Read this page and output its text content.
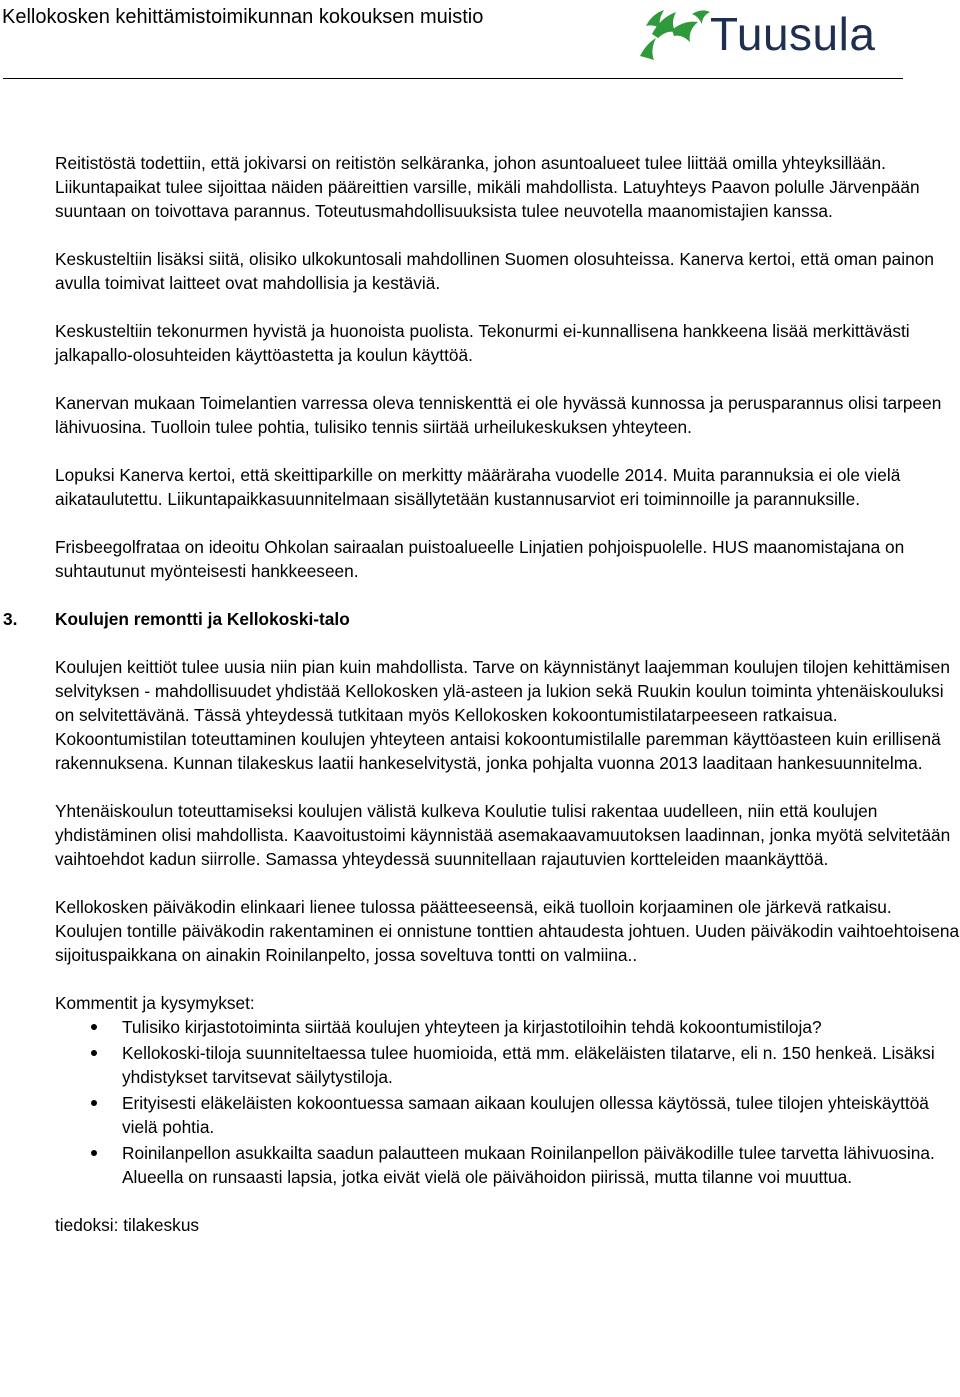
Kellokosken kehittämistoimikunnan kokouksen muistio	Tuusula

Reitistöstä todettiin, että jokivarsi on reitistön selkäranka, johon asuntoalueet tulee liittää omilla yhteyksillään. Liikuntapaikat tulee sijoittaa näiden pääreittien varsille, mikäli mahdollista. Latuyhteys Paavon polulle Järvenpään suuntaan on toivottava parannus. Toteutusmahdollisuuksista tulee neuvotella maanomistajien kanssa.

Keskusteltiin lisäksi siitä, olisiko ulkokuntosali mahdollinen Suomen olosuhteissa. Kanerva kertoi, että oman painon avulla toimivat laitteet ovat mahdollisia ja kestäviä.

Keskusteltiin tekonurmen hyvistä ja huonoista puolista. Tekonurmi ei-kunnallisena hankkeena lisää merkittävästi jalkapallo-olosuhteiden käyttöastetta ja koulun käyttöä.

Kanervan mukaan Toimelantien varressa oleva tenniskenttä ei ole hyvässä kunnossa ja perusparannus olisi tarpeen lähivuosina. Tuolloin tulee pohtia, tulisiko tennis siirtää urheilukeskuksen yhteyteen.

Lopuksi Kanerva kertoi, että skeittiparkille on merkitty määräraha vuodelle 2014. Muita parannuksia ei ole vielä aikataulutettu. Liikuntapaikkasuunnitelmaan sisällytetään kustannusarviot eri toiminnoille ja parannuksille.

Frisbeegolfrataa on ideoitu Ohkolan sairaalan puistoalueelle Linjatien pohjoispuolelle. HUS maanomistajana on suhtautunut myönteisesti hankkeeseen.

3. Koulujen remontti ja Kellokoski-talo

Koulujen keittiöt tulee uusia niin pian kuin mahdollista. Tarve on käynnistänyt laajemman koulujen tilojen kehittämisen selvityksen - mahdollisuudet yhdistää Kellokosken ylä-asteen ja lukion sekä Ruukin koulun toiminta yhtenäiskouluksi on selvitettävänä. Tässä yhteydessä tutkitaan myös Kellokosken kokoontumistilatarpeeseen ratkaisua. Kokoontumistilan toteuttaminen koulujen yhteyteen antaisi kokoontumistilalle paremman käyttöasteen kuin erillisenä rakennuksena. Kunnan tilakeskus laatii hankeselvitystä, jonka pohjalta vuonna 2013 laaditaan hankesuunnitelma.

Yhtenäiskoulun toteuttamiseksi koulujen välistä kulkeva Koulutie tulisi rakentaa uudelleen, niin että koulujen yhdistäminen olisi mahdollista. Kaavoitustoimi käynnistää asemakaavamuutoksen laadinnan, jonka myötä selvitetään vaihtoehdot kadun siirrolle. Samassa yhteydessä suunnitellaan rajautuvien kortteleiden maankäyttöä.

Kellokosken päiväkodin elinkaari lienee tulossa päätteeseensä, eikä tuolloin korjaaminen ole järkevä ratkaisu. Koulujen tontille päiväkodin rakentaminen ei onnistune tonttien ahtaudesta johtuen. Uuden päiväkodin vaihtoehtoisena sijoituspaikkana on ainakin Roinilanpelto, jossa soveltuva tontti on valmiina..

Kommentit ja kysymykset:

Tulisiko kirjastotoiminta siirtää koulujen yhteyteen ja kirjastotiloihin tehdä kokoontumistiloja?
Kellokoski-tiloja suunniteltaessa tulee huomioida, että mm. eläkeläisten tilatarve, eli n. 150 henkeä. Lisäksi yhdistykset tarvitsevat säilytystiloja.
Erityisesti eläkeläisten kokoontuessa samaan aikaan koulujen ollessa käytössä, tulee tilojen yhteiskäyttöä vielä pohtia.
Roinilanpellon asukkailta saadun palautteen mukaan Roinilanpellon päiväkodille tulee tarvetta lähivuosina. Alueella on runsaasti lapsia, jotka eivät vielä ole päivähoidon piirissä, mutta tilanne voi muuttua.

tiedoksi: tilakeskus
